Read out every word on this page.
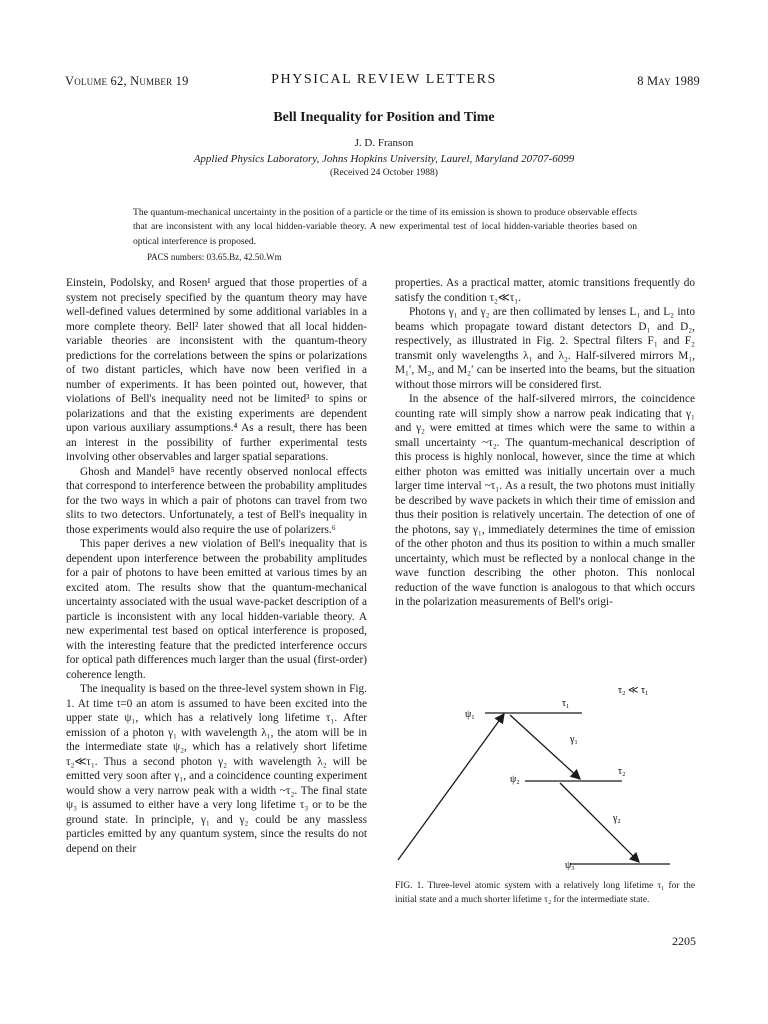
Volume 62, Number 19	PHYSICAL REVIEW LETTERS	8 May 1989
Bell Inequality for Position and Time
J. D. Franson
Applied Physics Laboratory, Johns Hopkins University, Laurel, Maryland 20707-6099
(Received 24 October 1988)
The quantum-mechanical uncertainty in the position of a particle or the time of its emission is shown to produce observable effects that are inconsistent with any local hidden-variable theory. A new experimental test of local hidden-variable theories based on optical interference is proposed.
PACS numbers: 03.65.Bz, 42.50.Wm

Einstein, Podolsky, and Rosen¹ argued that those properties of a system not precisely specified by the quantum theory may have well-defined values determined by some additional variables in a more complete theory. Bell² later showed that all local hidden-variable theories are inconsistent with the quantum-theory predictions for the correlations between the spins or polarizations of two distant particles, which have now been verified in a number of experiments. It has been pointed out, however, that violations of Bell's inequality need not be limited³ to spins or polarizations and that the existing experiments are dependent upon various auxiliary assumptions.⁴ As a result, there has been an interest in the possibility of further experimental tests involving other observables and larger spatial separations.

Ghosh and Mandel⁵ have recently observed nonlocal effects that correspond to interference between the probability amplitudes for the two ways in which a pair of photons can travel from two slits to two detectors. Unfortunately, a test of Bell's inequality in those experiments would also require the use of polarizers.⁶

This paper derives a new violation of Bell's inequality that is dependent upon interference between the probability amplitudes for a pair of photons to have been emitted at various times by an excited atom. The results show that the quantum-mechanical uncertainty associated with the usual wave-packet description of a particle is inconsistent with any local hidden-variable theory. A new experimental test based on optical interference is proposed, with the interesting feature that the predicted interference occurs for optical path differences much larger than the usual (first-order) coherence length.

The inequality is based on the three-level system shown in Fig. 1. At time t=0 an atom is assumed to have been excited into the upper state ψ₁, which has a relatively long lifetime τ₁. After emission of a photon γ₁ with wavelength λ₁, the atom will be in the intermediate state ψ₂, which has a relatively short lifetime τ₂≪τ₁. Thus a second photon γ₂ with wavelength λ₂ will be emitted very soon after γ₁, and a coincidence counting experiment would show a very narrow peak with a width ~τ₂. The final state ψ₃ is assumed to either have a very long lifetime τ₃ or to be the ground state. In principle, γ₁ and γ₂ could be any massless particles emitted by any quantum system, since the results do not depend on their

properties. As a practical matter, atomic transitions frequently do satisfy the condition τ₂≪τ₁.

Photons γ₁ and γ₂ are then collimated by lenses L₁ and L₂ into beams which propagate toward distant detectors D₁ and D₂, respectively, as illustrated in Fig. 2. Spectral filters F₁ and F₂ transmit only wavelengths λ₁ and λ₂. Half-silvered mirrors M₁, M₁′, M₂, and M₂′ can be inserted into the beams, but the situation without those mirrors will be considered first.

In the absence of the half-silvered mirrors, the coincidence counting rate will simply show a narrow peak indicating that γ₁ and γ₂ were emitted at times which were the same to within a small uncertainty ~τ₂. The quantum-mechanical description of this process is highly nonlocal, however, since the time at which either photon was emitted was initially uncertain over a much larger time interval ~τ₁. As a result, the two photons must initially be described by wave packets in which their time of emission and thus their position is relatively uncertain. The detection of one of the photons, say γ₁, immediately determines the time of emission of the other photon and thus its position to within a much smaller uncertainty, which must be reflected by a nonlocal change in the wave function describing the other photon. This nonlocal reduction of the wave function is analogous to that which occurs in the polarization measurements of Bell's origi-

τ₂ ≪ τ₁
ψ₁
τ₁
γ₁
ψ₂
τ₂
γ₂
ψ₃
FIG. 1. Three-level atomic system with a relatively long lifetime τ₁ for the initial state and a much shorter lifetime τ₂ for the intermediate state.
2205
